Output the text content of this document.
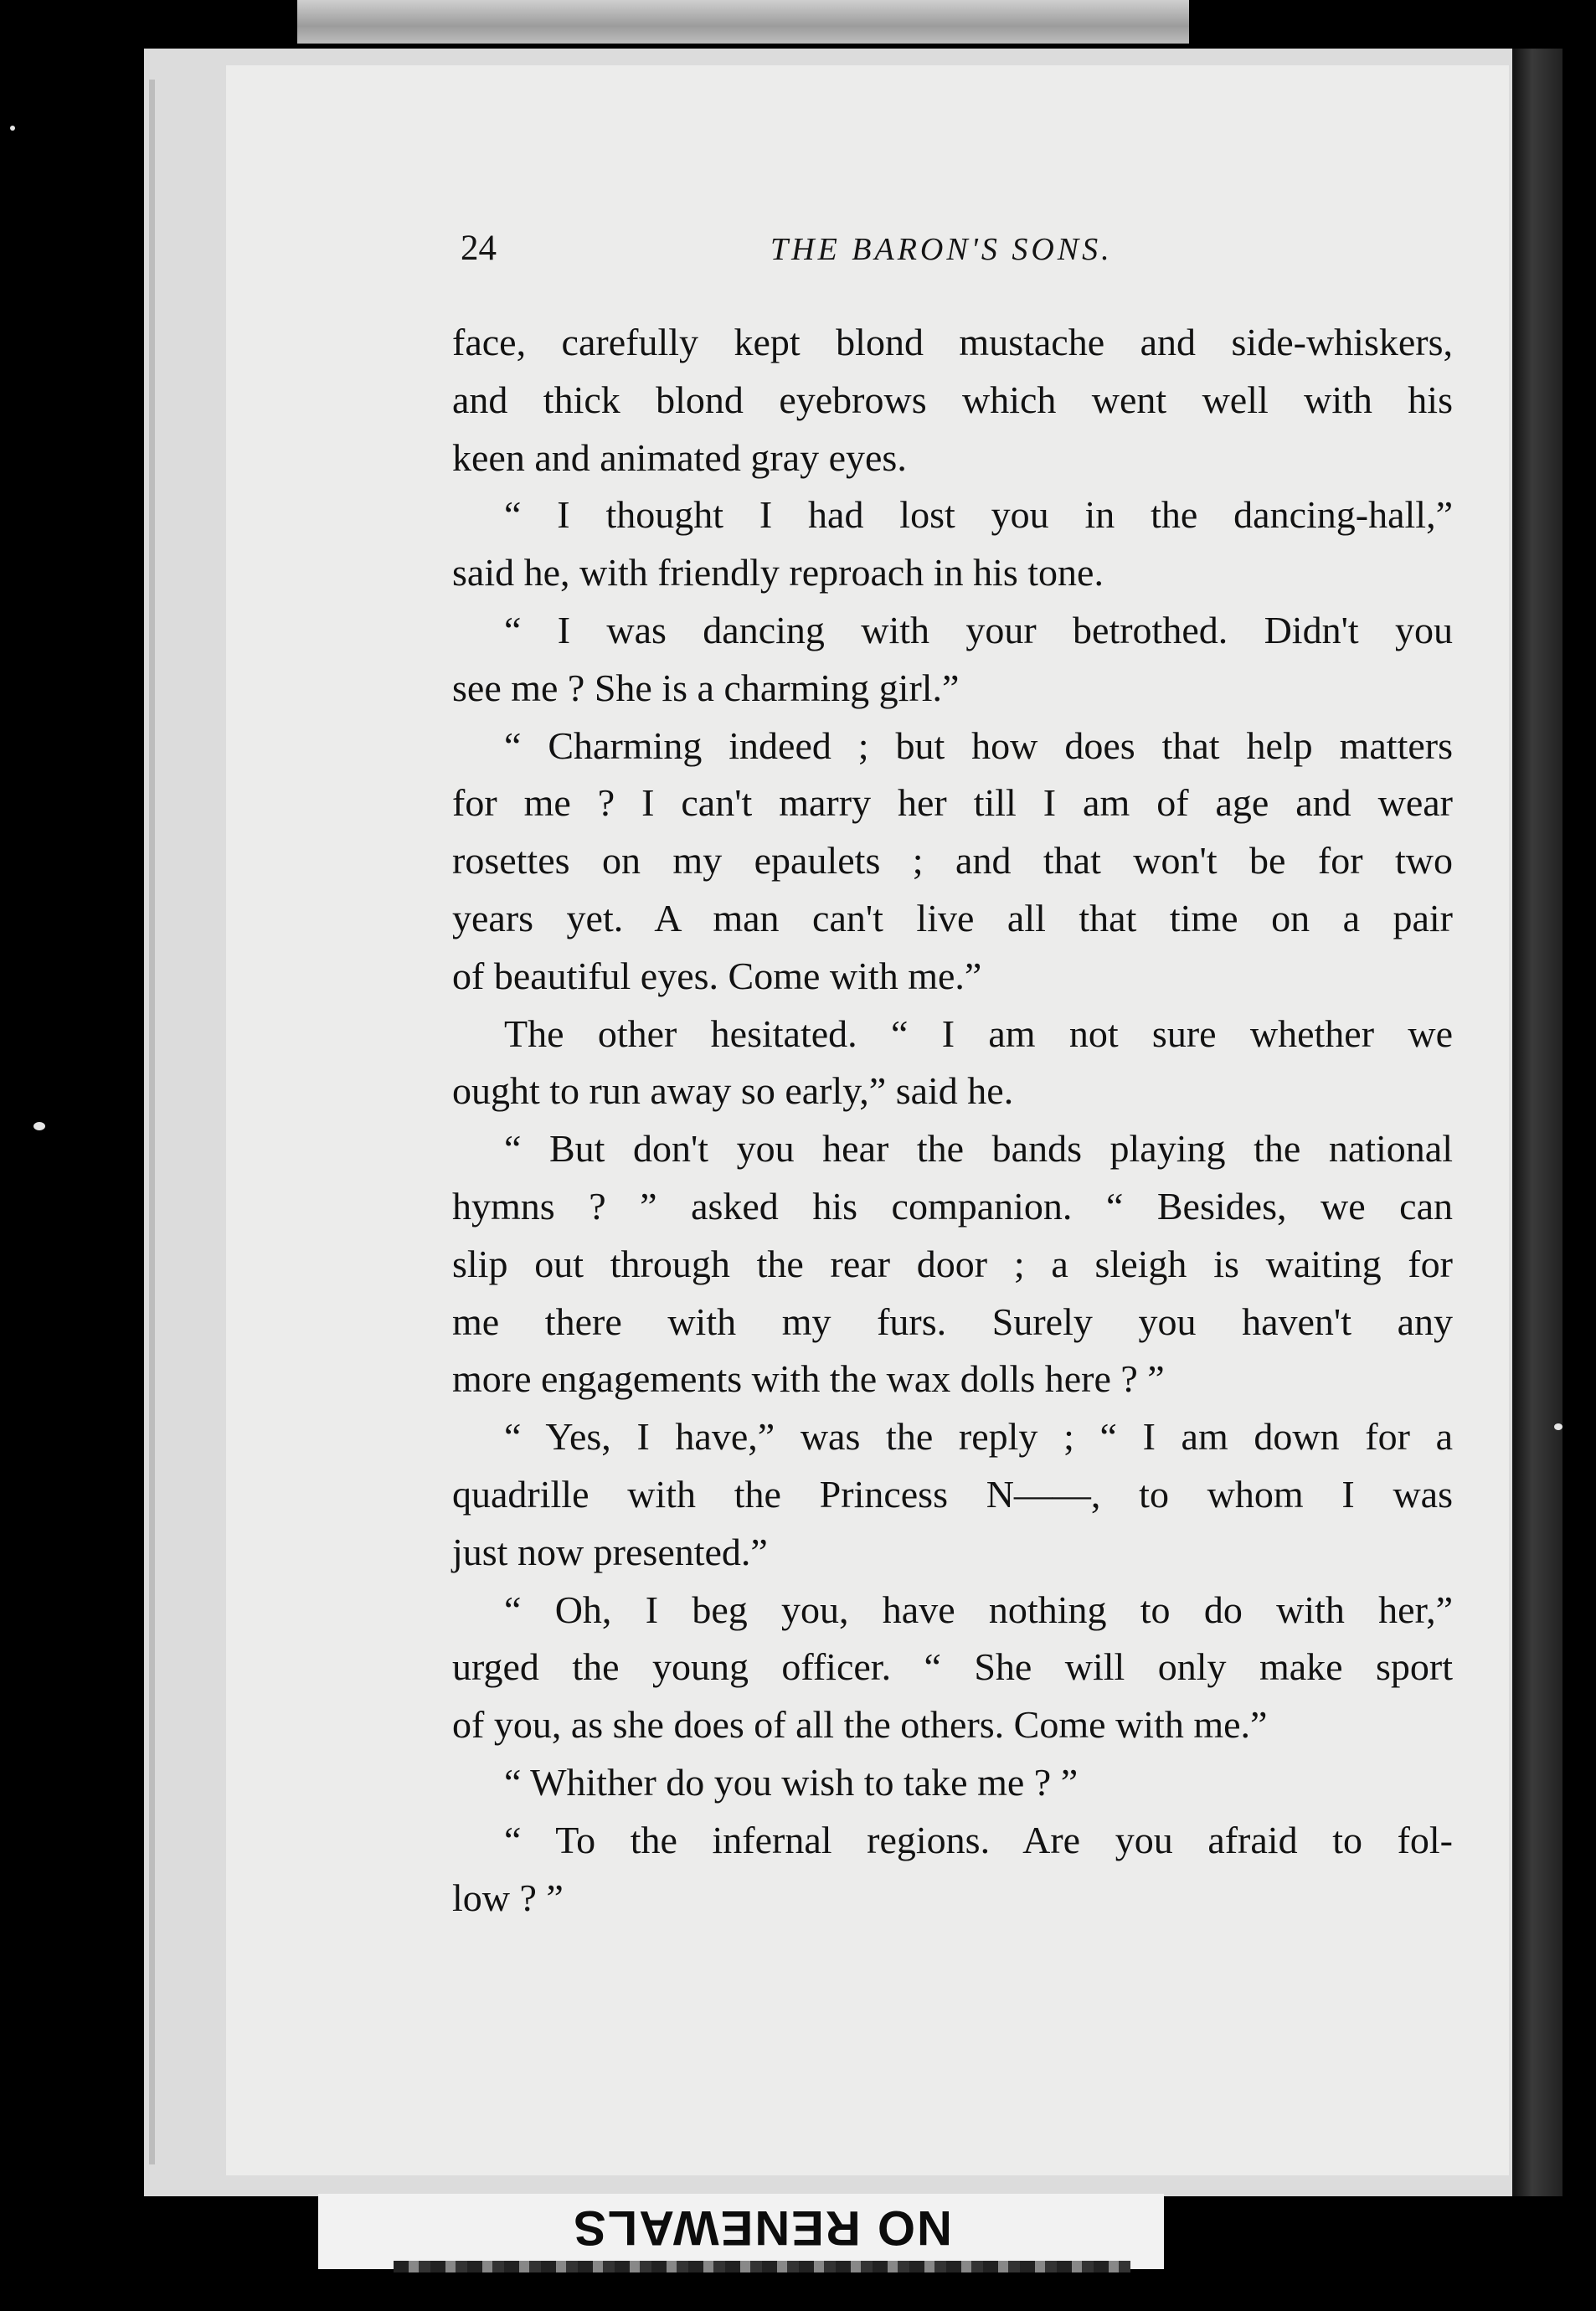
24	THE BARON'S SONS.
face, carefully kept blond mustache and side-whiskers,
and thick blond eyebrows which went well with his
keen and animated gray eyes.
“ I thought I had lost you in the dancing-hall,”
said he, with friendly reproach in his tone.
“ I was dancing with your betrothed. Didn't you
see me ? She is a charming girl.”
“ Charming indeed ; but how does that help matters
for me ? I can't marry her till I am of age and wear
rosettes on my epaulets ; and that won't be for two
years yet. A man can't live all that time on a pair
of beautiful eyes. Come with me.”
The other hesitated. “ I am not sure whether we
ought to run away so early,” said he.
“ But don't you hear the bands playing the national
hymns ? ” asked his companion. “ Besides, we can
slip out through the rear door ; a sleigh is waiting for
me there with my furs. Surely you haven't any
more engagements with the wax dolls here ? ”
“ Yes, I have,” was the reply ; “ I am down for a
quadrille with the Princess N——, to whom I was
just now presented.”
“ Oh, I beg you, have nothing to do with her,”
urged the young officer. “ She will only make sport
of you, as she does of all the others. Come with me.”
“ Whither do you wish to take me ? ”
“ To the infernal regions. Are you afraid to fol-
low ? ”
NO RENEWALS
